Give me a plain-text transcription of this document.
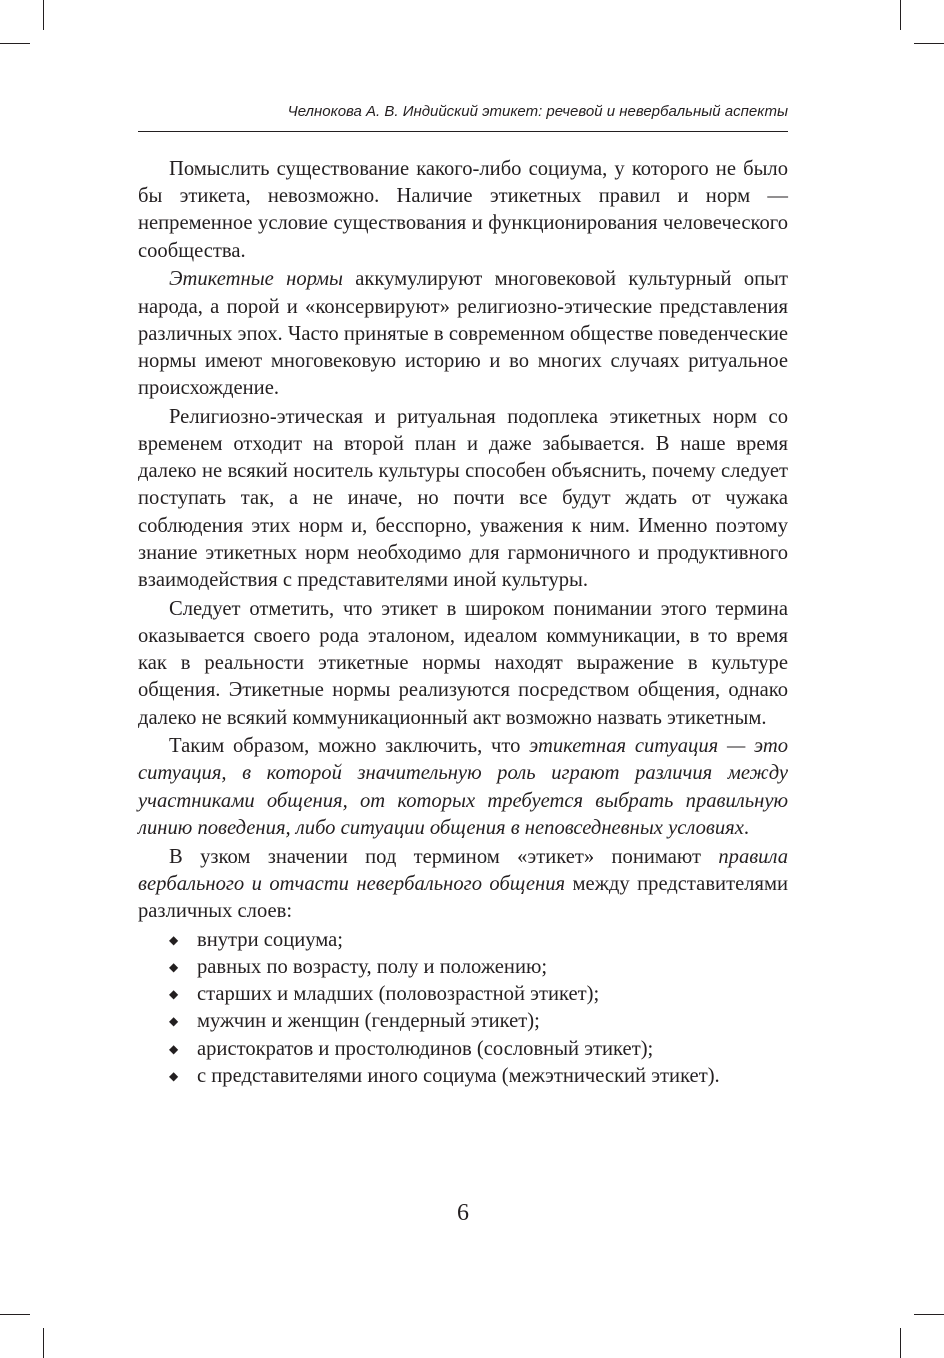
Челнокова А. В. Индийский этикет: речевой и невербальный аспекты

Помыслить существование какого-либо социума, у которого не было бы этикета, невозможно. Наличие этикетных правил и норм — непременное условие существования и функционирования человеческого сообщества.

Этикетные нормы аккумулируют многовековой культурный опыт народа, а порой и «консервируют» религиозно-этические представления различных эпох. Часто принятые в современном обществе поведенческие нормы имеют многовековую историю и во многих случаях ритуальное происхождение.

Религиозно-этическая и ритуальная подоплека этикетных норм со временем отходит на второй план и даже забывается. В наше время далеко не всякий носитель культуры способен объяснить, почему следует поступать так, а не иначе, но почти все будут ждать от чужака соблюдения этих норм и, бесспорно, уважения к ним. Именно поэтому знание этикетных норм необходимо для гармоничного и продуктивного взаимодействия с представителями иной культуры.

Следует отметить, что этикет в широком понимании этого термина оказывается своего рода эталоном, идеалом коммуникации, в то время как в реальности этикетные нормы находят выражение в культуре общения. Этикетные нормы реализуются посредством общения, однако далеко не всякий коммуникационный акт возможно назвать этикетным.

Таким образом, можно заключить, что этикетная ситуация — это ситуация, в которой значительную роль играют различия между участниками общения, от которых требуется выбрать правильную линию поведения, либо ситуации общения в неповседневных условиях.

В узком значении под термином «этикет» понимают правила вербального и отчасти невербального общения между представителями различных слоев:

◆ внутри социума;
◆ равных по возрасту, полу и положению;
◆ старших и младших (половозрастной этикет);
◆ мужчин и женщин (гендерный этикет);
◆ аристократов и простолюдинов (сословный этикет);
◆ с представителями иного социума (межэтнический этикет).
6
